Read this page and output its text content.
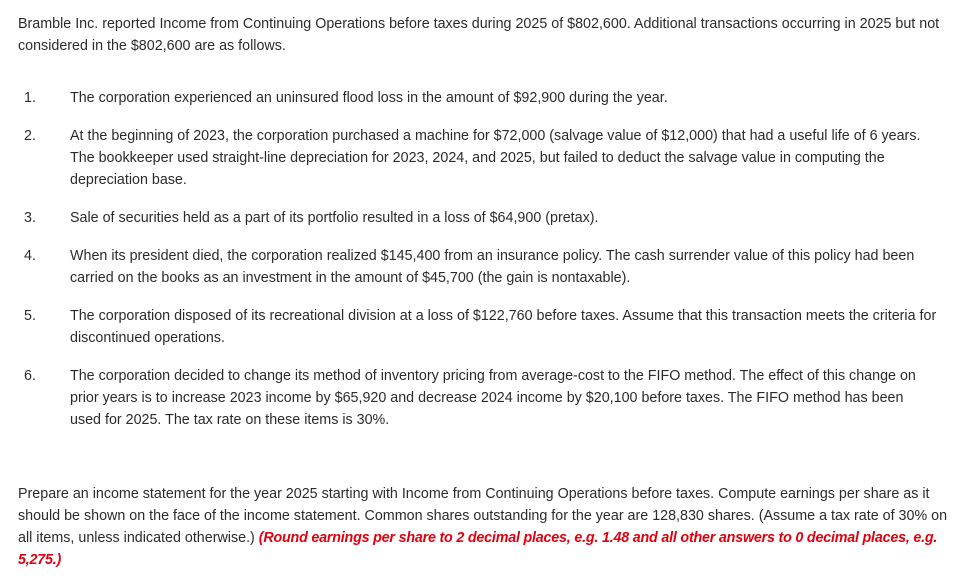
Bramble Inc. reported Income from Continuing Operations before taxes during 2025 of $802,600. Additional transactions occurring in 2025 but not considered in the $802,600 are as follows.

1.	The corporation experienced an uninsured flood loss in the amount of $92,900 during the year.
2.	At the beginning of 2023, the corporation purchased a machine for $72,000 (salvage value of $12,000) that had a useful life of 6 years. The bookkeeper used straight-line depreciation for 2023, 2024, and 2025, but failed to deduct the salvage value in computing the depreciation base.
3.	Sale of securities held as a part of its portfolio resulted in a loss of $64,900 (pretax).
4.	When its president died, the corporation realized $145,400 from an insurance policy. The cash surrender value of this policy had been carried on the books as an investment in the amount of $45,700 (the gain is nontaxable).
5.	The corporation disposed of its recreational division at a loss of $122,760 before taxes. Assume that this transaction meets the criteria for discontinued operations.
6.	The corporation decided to change its method of inventory pricing from average-cost to the FIFO method. The effect of this change on prior years is to increase 2023 income by $65,920 and decrease 2024 income by $20,100 before taxes. The FIFO method has been used for 2025. The tax rate on these items is 30%.

Prepare an income statement for the year 2025 starting with Income from Continuing Operations before taxes. Compute earnings per share as it should be shown on the face of the income statement. Common shares outstanding for the year are 128,830 shares. (Assume a tax rate of 30% on all items, unless indicated otherwise.) (Round earnings per share to 2 decimal places, e.g. 1.48 and all other answers to 0 decimal places, e.g. 5,275.)
